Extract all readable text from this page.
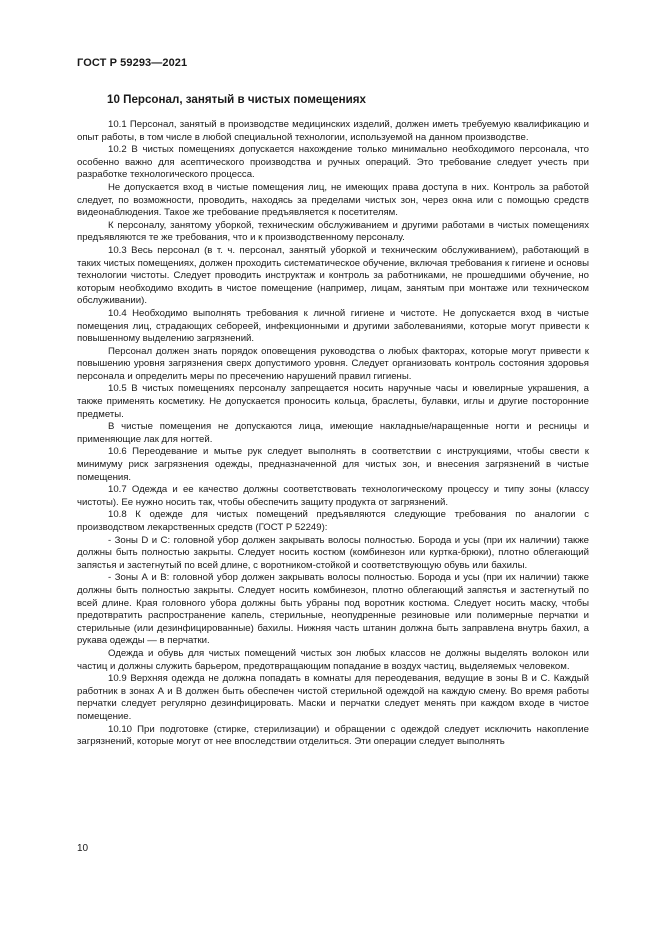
ГОСТ Р 59293—2021
10 Персонал, занятый в чистых помещениях

10.1 Персонал, занятый в производстве медицинских изделий, должен иметь требуемую квалификацию и опыт работы, в том числе в любой специальной технологии, используемой на данном производстве.

10.2 В чистых помещениях допускается нахождение только минимально необходимого персонала, что особенно важно для асептического производства и ручных операций. Это требование следует учесть при разработке технологического процесса.

Не допускается вход в чистые помещения лиц, не имеющих права доступа в них. Контроль за работой следует, по возможности, проводить, находясь за пределами чистых зон, через окна или с помощью средств видеонаблюдения. Такое же требование предъявляется к посетителям.

К персоналу, занятому уборкой, техническим обслуживанием и другими работами в чистых помещениях предъявляются те же требования, что и к производственному персоналу.

10.3 Весь персонал (в т. ч. персонал, занятый уборкой и техническим обслуживанием), работающий в таких чистых помещениях, должен проходить систематическое обучение, включая требования к гигиене и основы технологии чистоты. Следует проводить инструктаж и контроль за работниками, не прошедшими обучение, но которым необходимо входить в чистое помещение (например, лицам, занятым при монтаже или техническом обслуживании).

10.4 Необходимо выполнять требования к личной гигиене и чистоте. Не допускается вход в чистые помещения лиц, страдающих себореей, инфекционными и другими заболеваниями, которые могут привести к повышенному выделению загрязнений.

Персонал должен знать порядок оповещения руководства о любых факторах, которые могут привести к повышению уровня загрязнения сверх допустимого уровня. Следует организовать контроль состояния здоровья персонала и определить меры по пресечению нарушений правил гигиены.

10.5 В чистых помещениях персоналу запрещается носить наручные часы и ювелирные украшения, а также применять косметику. Не допускается проносить кольца, браслеты, булавки, иглы и другие посторонние предметы.

В чистые помещения не допускаются лица, имеющие накладные/наращенные ногти и ресницы и применяющие лак для ногтей.

10.6 Переодевание и мытье рук следует выполнять в соответствии с инструкциями, чтобы свести к минимуму риск загрязнения одежды, предназначенной для чистых зон, и внесения загрязнений в чистые помещения.

10.7 Одежда и ее качество должны соответствовать технологическому процессу и типу зоны (классу чистоты). Ее нужно носить так, чтобы обеспечить защиту продукта от загрязнений.

10.8 К одежде для чистых помещений предъявляются следующие требования по аналогии с производством лекарственных средств (ГОСТ Р 52249):

- Зоны D и С: головной убор должен закрывать волосы полностью. Борода и усы (при их наличии) также должны быть полностью закрыты. Следует носить костюм (комбинезон или куртка-брюки), плотно облегающий запястья и застегнутый по всей длине, с воротником-стойкой и соответствующую обувь или бахилы.

- Зоны А и В: головной убор должен закрывать волосы полностью. Борода и усы (при их наличии) также должны быть полностью закрыты. Следует носить комбинезон, плотно облегающий запястья и застегнутый по всей длине. Края головного убора должны быть убраны под воротник костюма. Следует носить маску, чтобы предотвратить распространение капель, стерильные, неопудренные резиновые или полимерные перчатки и стерильные (или дезинфицированные) бахилы. Нижняя часть штанин должна быть заправлена внутрь бахил, а рукава одежды — в перчатки.

Одежда и обувь для чистых помещений чистых зон любых классов не должны выделять волокон или частиц и должны служить барьером, предотвращающим попадание в воздух частиц, выделяемых человеком.

10.9 Верхняя одежда не должна попадать в комнаты для переодевания, ведущие в зоны В и С. Каждый работник в зонах А и В должен быть обеспечен чистой стерильной одеждой на каждую смену. Во время работы перчатки следует регулярно дезинфицировать. Маски и перчатки следует менять при каждом входе в чистое помещение.

10.10 При подготовке (стирке, стерилизации) и обращении с одеждой следует исключить накопление загрязнений, которые могут от нее впоследствии отделиться. Эти операции следует выполнять

10
